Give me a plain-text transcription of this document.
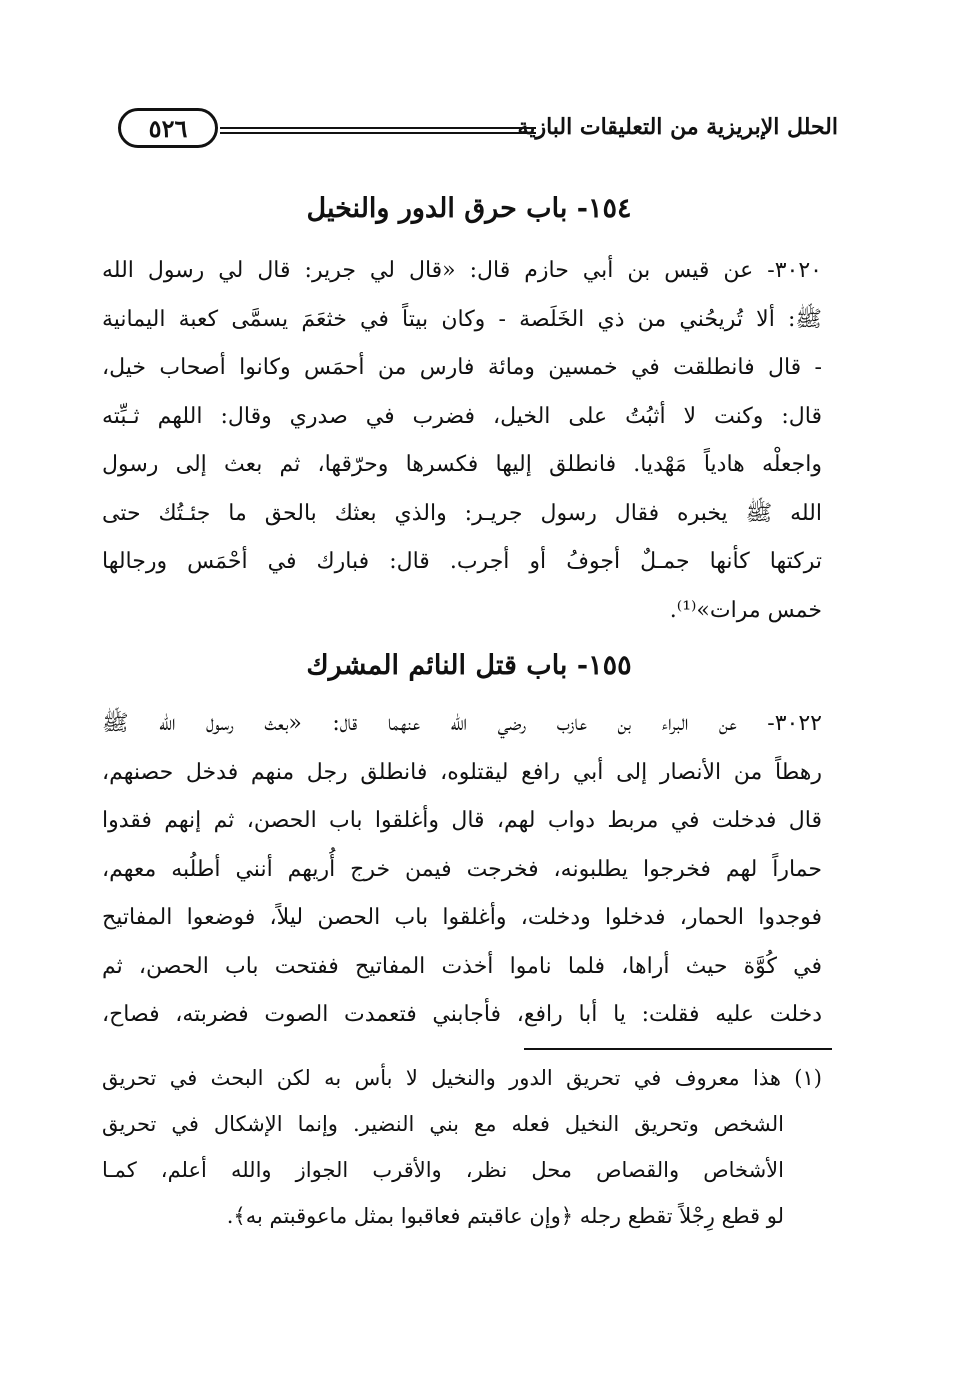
الحلل الإبريزية من التعليقات البازية
٥٢٦
١٥٤- باب حرق الدور والنخيل
٣٠٢٠- عن قيس بن أبي حازم قال: «قال لي جرير: قال لي رسول الله
ﷺ: ألا تُريحُني من ذي الخَلَصة - وكان بيتاً في خثعَمَ يسمَّى كعبة اليمانية
- قال فانطلقت في خمسين ومائة فارس من أحمَس وكانوا أصحاب خيل،
قال: وكنت لا أثبُتُ على الخيل، فضرب في صدري وقال: اللهم ثـبِّته
واجعلْه هادياً مَهْديا. فانطلق إليها فكسرها وحرّقها، ثم بعث إلى رسول
الله ﷺ يخبره فقال رسول جريـر: والذي بعثك بالحق ما جئـتُك حتى
تركتها كأنها جمـلٌ أجوفُ أو أجرب. قال: فبارك في أحْمَس ورجالها
خمس مرات»⁽¹⁾.
١٥٥- باب قتل النائم المشرك
٣٠٢٢- عن البراء بن عازب رضي الله عنهما قال: «بعث رسول الله ﷺ
رهطاً من الأنصار إلى أبي رافع ليقتلوه، فانطلق رجل منهم فدخل حصنهم،
قال فدخلت في مربط دواب لهم، قال وأغلقوا باب الحصن، ثم إنهم فقدوا
حماراً لهم فخرجوا يطلبونه، فخرجت فيمن خرج أُريهم أنني أطلُبه معهم،
فوجدوا الحمار، فدخلوا ودخلت، وأغلقوا باب الحصن ليلاً، فوضعوا المفاتيح
في كُوَّة حيث أراها، فلما ناموا أخذت المفاتيح ففتحت باب الحصن، ثم
دخلت عليه فقلت: يا أبا رافع، فأجابني فتعمدت الصوت فضربته، فصاح،
(١) هذا معروف في تحريق الدور والنخيل لا بأس به لكن البحث في تحريق
الشخص وتحريق النخيل فعله مع بني النضير. وإنما الإشكال في تحريق
الأشخاص والقصاص محل نظر، والأقرب الجواز والله أعلم، كمـا
لو قطع رِجْلاً تقطع رجله ﴿وإن عاقبتم فعاقبوا بمثل ماعوقبتم به﴾.
